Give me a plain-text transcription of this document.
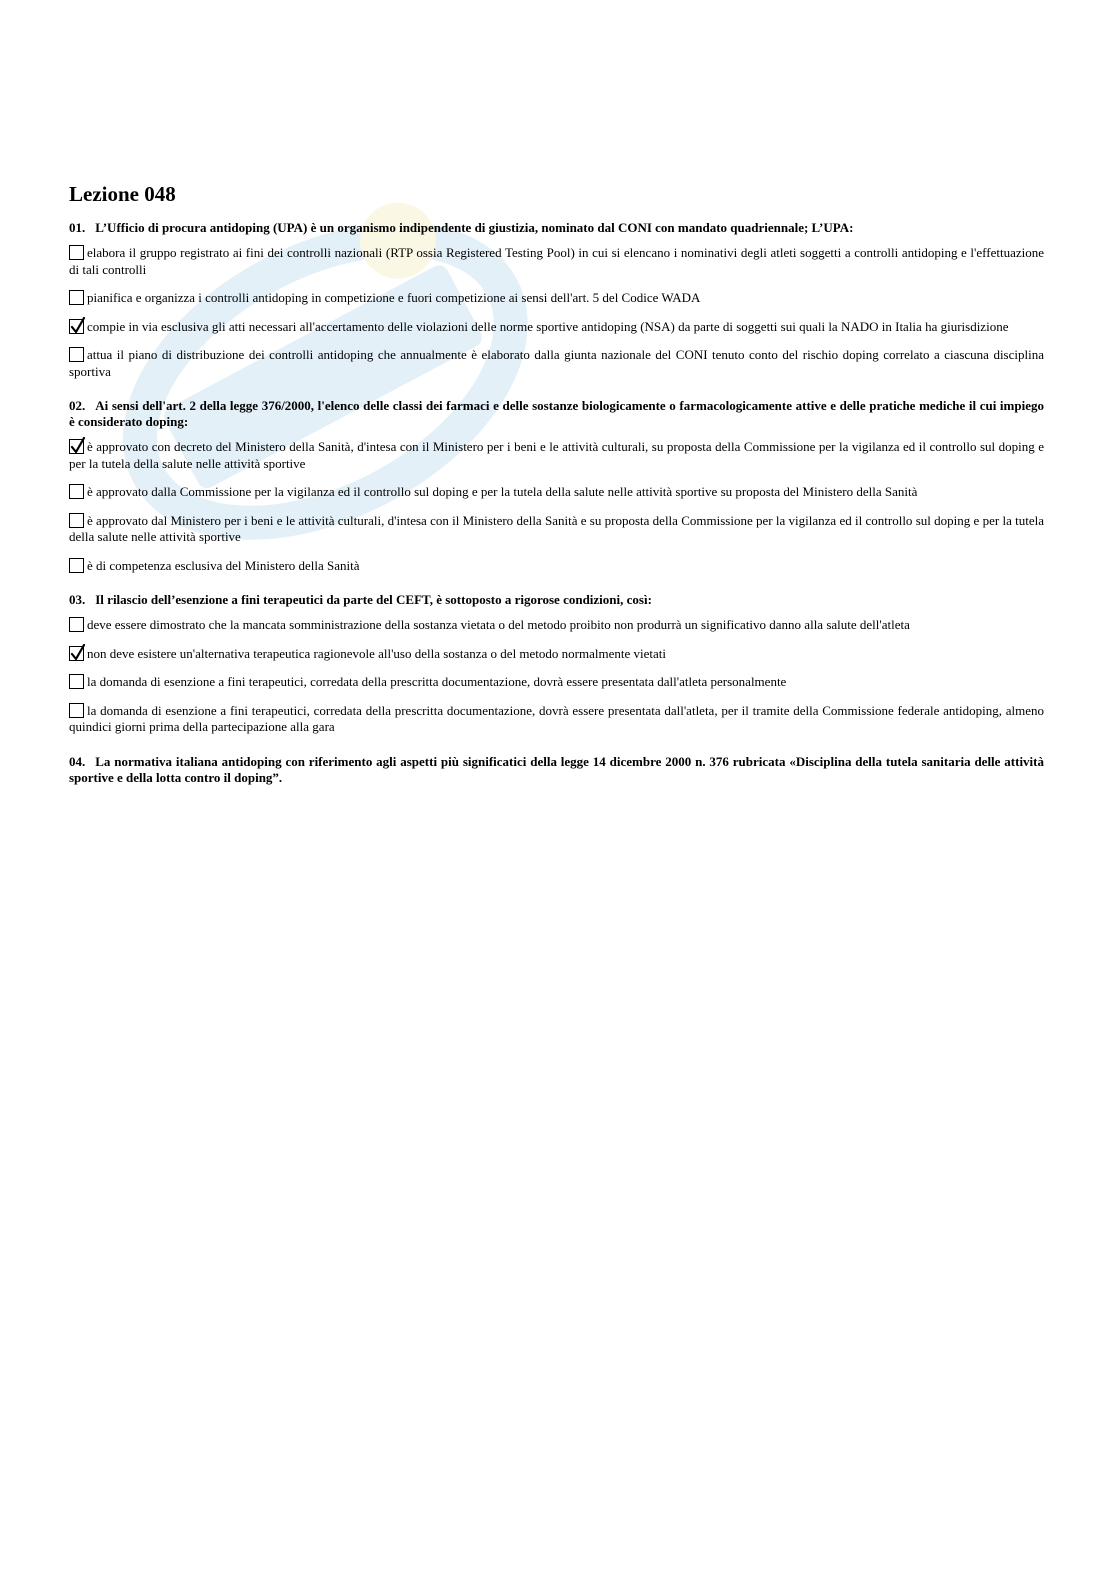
Lezione 048

01. L’Ufficio di procura antidoping (UPA) è un organismo indipendente di giustizia, nominato dal CONI con mandato quadriennale; L’UPA:

elabora il gruppo registrato ai fini dei controlli nazionali (RTP ossia Registered Testing Pool) in cui si elencano i nominativi degli atleti soggetti a controlli antidoping e l'effettuazione di tali controlli

pianifica e organizza i controlli antidoping in competizione e fuori competizione ai sensi dell'art. 5 del Codice WADA

compie in via esclusiva gli atti necessari all'accertamento delle violazioni delle norme sportive antidoping (NSA) da parte di soggetti sui quali la NADO in Italia ha giurisdizione

attua il piano di distribuzione dei controlli antidoping che annualmente è elaborato dalla giunta nazionale del CONI tenuto conto del rischio doping correlato a ciascuna disciplina sportiva

02. Ai sensi dell'art. 2 della legge 376/2000, l'elenco delle classi dei farmaci e delle sostanze biologicamente o farmacologicamente attive e delle pratiche mediche il cui impiego è considerato doping:

è approvato con decreto del Ministero della Sanità, d'intesa con il Ministero per i beni e le attività culturali, su proposta della Commissione per la vigilanza ed il controllo sul doping e per la tutela della salute nelle attività sportive

è approvato dalla Commissione per la vigilanza ed il controllo sul doping e per la tutela della salute nelle attività sportive su proposta del Ministero della Sanità

è approvato dal Ministero per i beni e le attività culturali, d'intesa con il Ministero della Sanità e su proposta della Commissione per la vigilanza ed il controllo sul doping e per la tutela della salute nelle attività sportive

è di competenza esclusiva del Ministero della Sanità

03. Il rilascio dell’esenzione a fini terapeutici da parte del CEFT, è sottoposto a rigorose condizioni, così:

deve essere dimostrato che la mancata somministrazione della sostanza vietata o del metodo proibito non produrrà un significativo danno alla salute dell'atleta

non deve esistere un'alternativa terapeutica ragionevole all'uso della sostanza o del metodo normalmente vietati

la domanda di esenzione a fini terapeutici, corredata della prescritta documentazione, dovrà essere presentata dall'atleta personalmente

la domanda di esenzione a fini terapeutici, corredata della prescritta documentazione, dovrà essere presentata dall'atleta, per il tramite della Commissione federale antidoping, almeno quindici giorni prima della partecipazione alla gara

04. La normativa italiana antidoping con riferimento agli aspetti più significatici della legge 14 dicembre 2000 n. 376 rubricata «Disciplina della tutela sanitaria delle attività sportive e della lotta contro il doping”.
